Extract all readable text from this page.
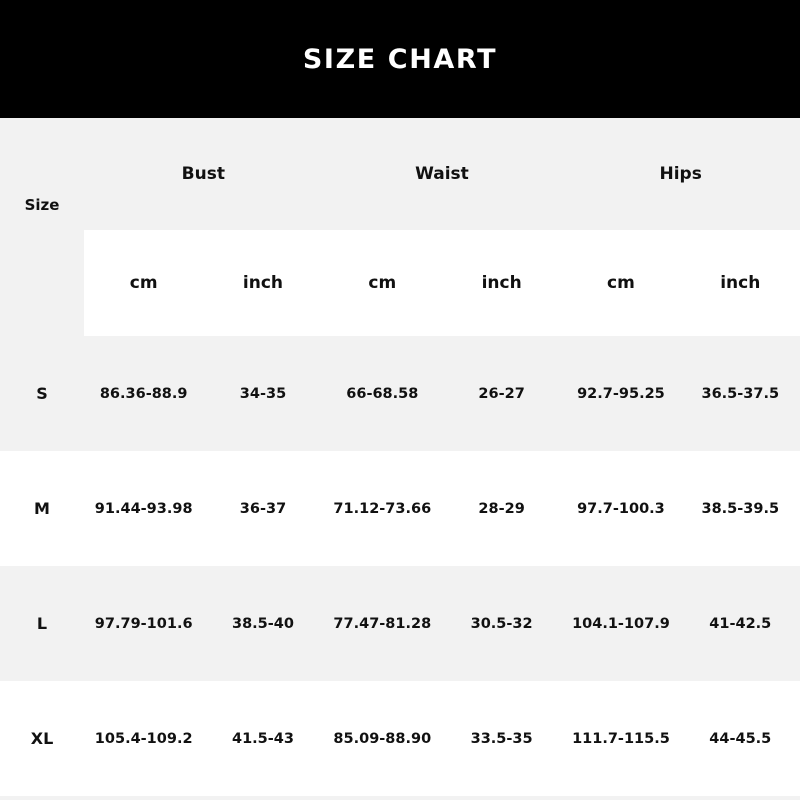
SIZE CHART
Size	Bust		Waist		Hips	
	cm	inch	cm	inch	cm	inch
S	86.36-88.9	34-35	66-68.58	26-27	92.7-95.25	36.5-37.5
M	91.44-93.98	36-37	71.12-73.66	28-29	97.7-100.3	38.5-39.5
L	97.79-101.6	38.5-40	77.47-81.28	30.5-32	104.1-107.9	41-42.5
XL	105.4-109.2	41.5-43	85.09-88.90	33.5-35	111.7-115.5	44-45.5
